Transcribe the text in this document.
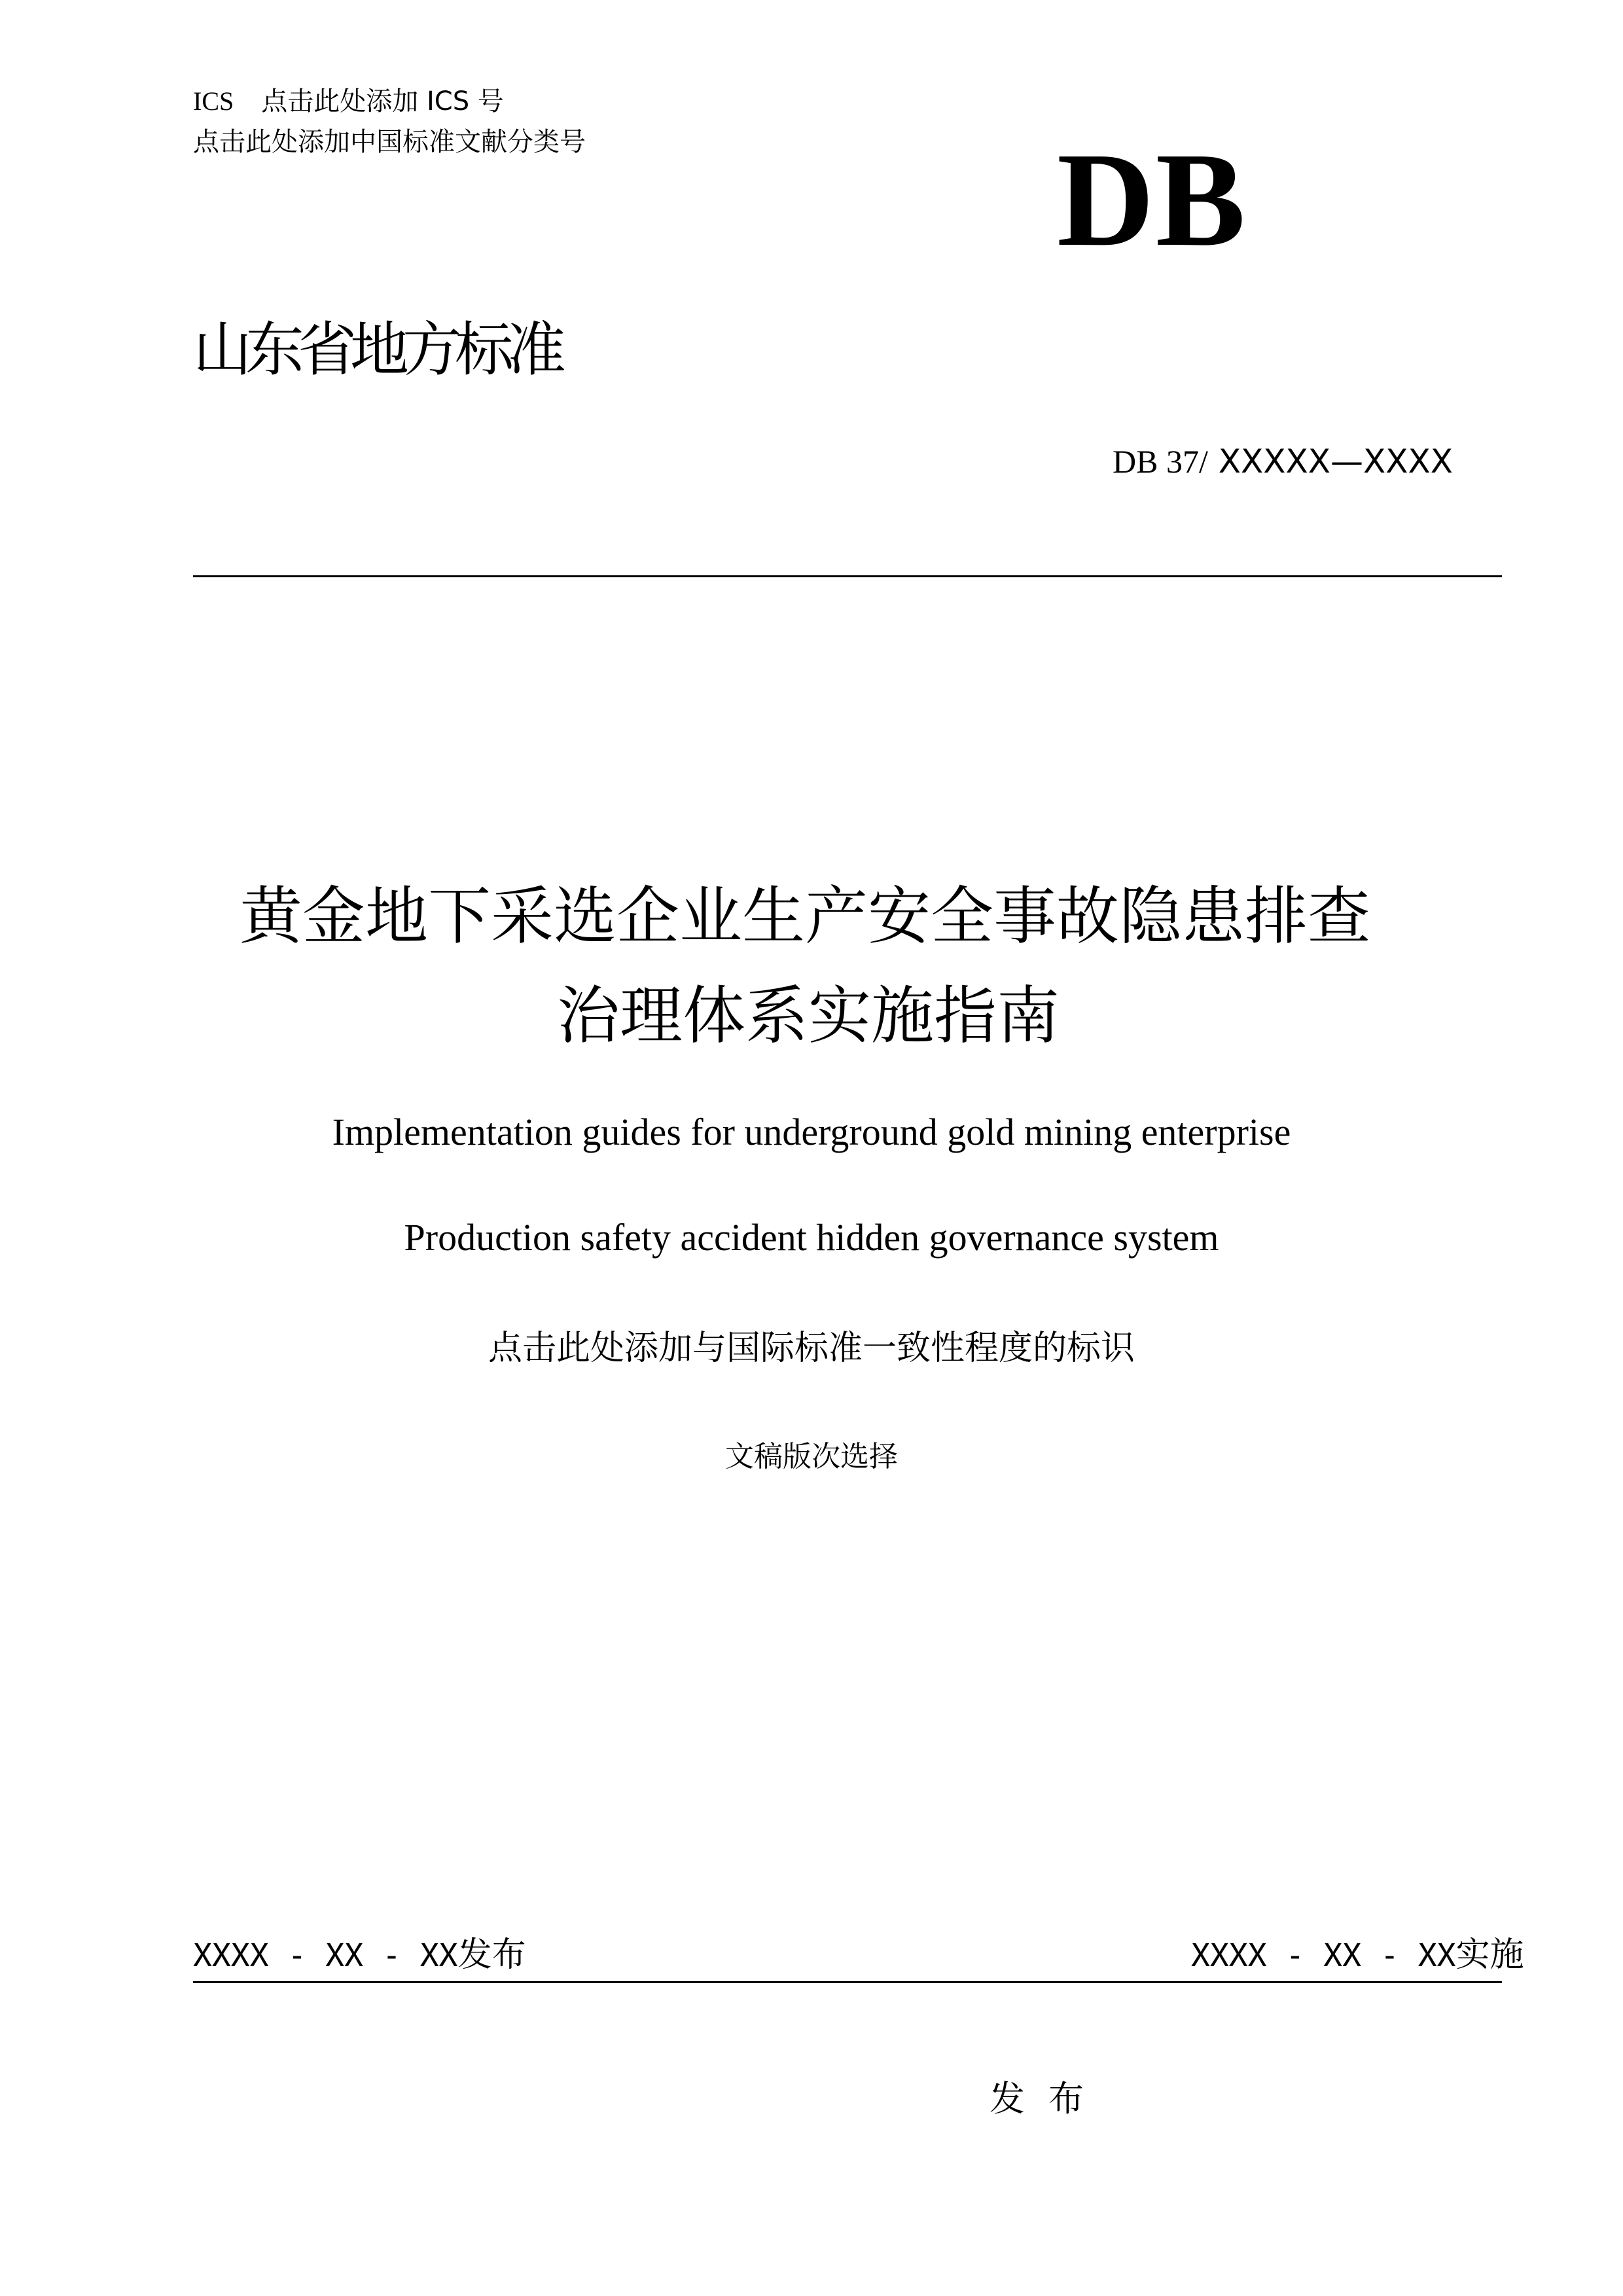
ICS 点击此处添加 ICS 号
点击此处添加中国标准文献分类号	DB
山东省地方标准
DB 37/ XXXXX—XXXX
黄金地下采选企业生产安全事故隐患排查
治理体系实施指南
Implementation guides for underground gold mining enterprise
Production safety accident hidden governance system
点击此处添加与国际标准一致性程度的标识
文稿版次选择
XXXX - XX - XX发布	XXXX - XX - XX实施
发布
